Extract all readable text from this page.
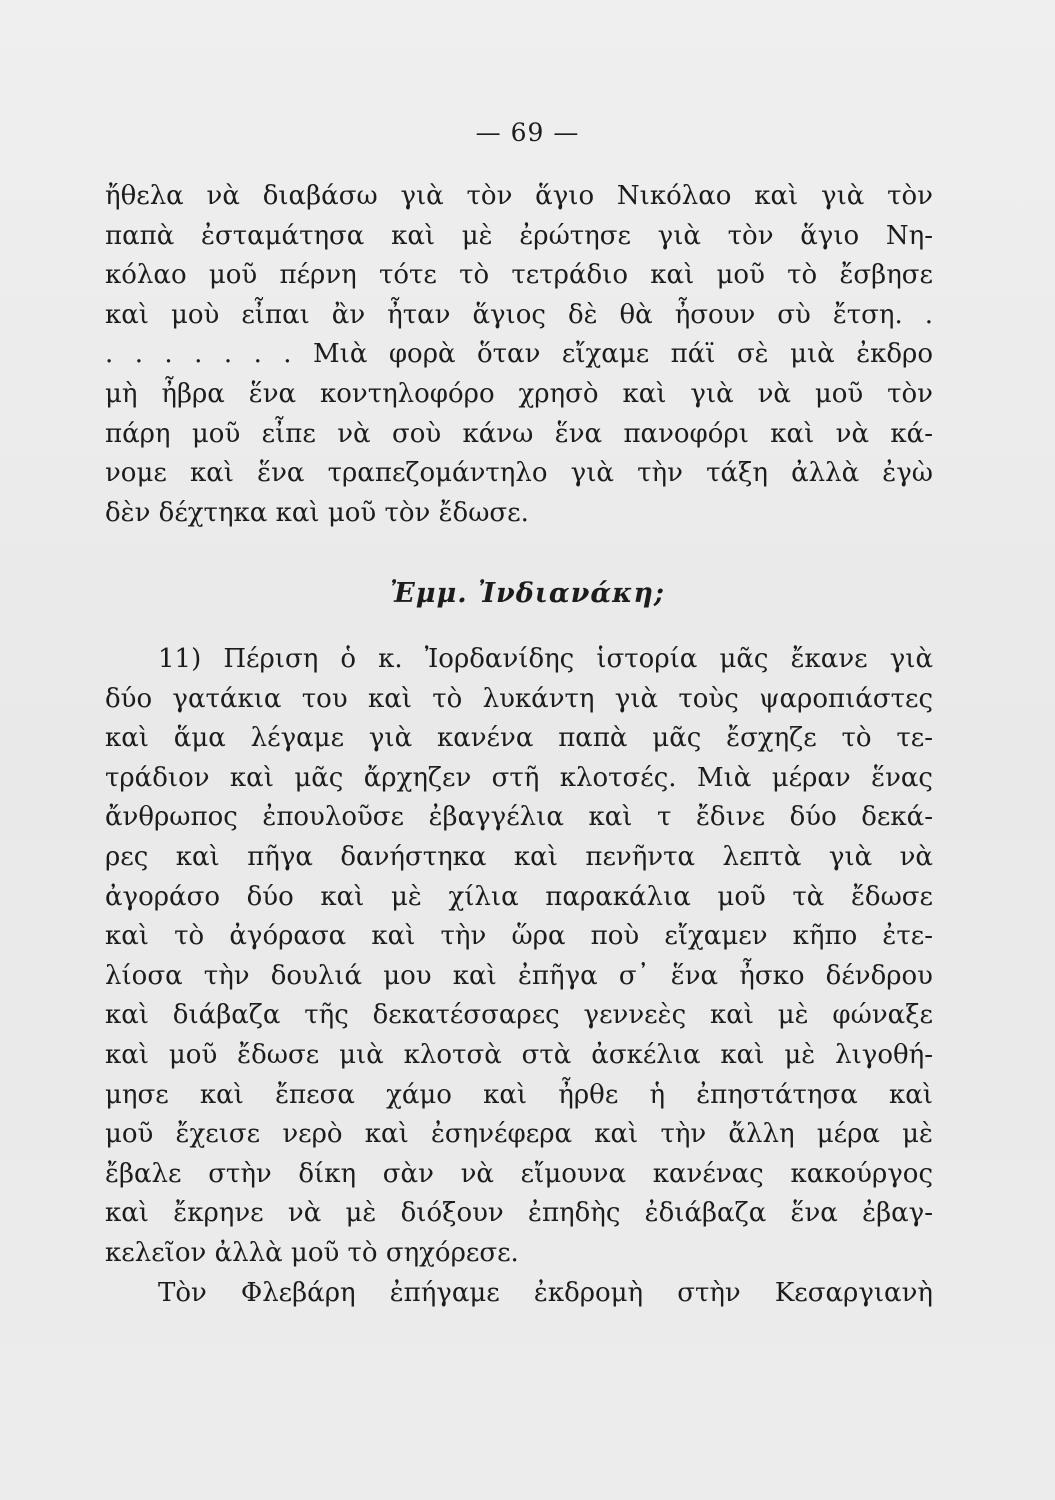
— 69 —
ἤθελα νὰ διαβάσω γιὰ τὸν ἅγιο Νικόλαο καὶ γιὰ τὸν
παπὰ ἐσταμάτησα καὶ μὲ ἐρώτησε γιὰ τὸν ἅγιο Νη-
κόλαο μοῦ πέρνη τότε τὸ τετράδιο καὶ μοῦ τὸ ἔσβησε
καὶ μοὺ εἶπαι ἂν ἦταν ἅγιος δὲ θὰ ἦσουν σὺ ἔτση. .
. . . . . . . Μιὰ φορὰ ὅταν εἴχαμε πάϊ σὲ μιὰ ἐκδρο
μὴ ἦβρα ἕνα κοντηλοφόρο χρησὸ καὶ γιὰ νὰ μοῦ τὸν
πάρη μοῦ εἶπε νὰ σοὺ κάνω ἕνα πανοφόρι καὶ νὰ κά-
νομε καὶ ἕνα τραπεζομάντηλο γιὰ τὴν τάξη ἀλλὰ ἐγὼ
δὲν δέχτηκα καὶ μοῦ τὸν ἔδωσε.
Ἐμμ. Ἰνδιανάκη;
11) Πέριση ὁ κ. Ἰορδανίδης ἱστορία μᾶς ἔκανε γιὰ
δύο γατάκια του καὶ τὸ λυκάντη γιὰ τοὺς ψαροπιάστες
καὶ ἅμα λέγαμε γιὰ κανένα παπὰ μᾶς ἔσχηζε τὸ τε-
τράδιον καὶ μᾶς ἄρχηζεν στῆ κλοτσές. Μιὰ μέραν ἕνας
ἄνθρωπος ἐπουλοῦσε ἐβαγγέλια καὶ τ ἔδινε δύο δεκά-
ρες καὶ πῆγα δανήστηκα καὶ πενῆντα λεπτὰ γιὰ νὰ
ἀγοράσο δύο καὶ μὲ χίλια παρακάλια μοῦ τὰ ἔδωσε
καὶ τὸ ἀγόρασα καὶ τὴν ὥρα ποὺ εἴχαμεν κῆπο ἐτε-
λίοσα τὴν δουλιά μου καὶ ἐπῆγα σ᾽ ἕνα ἦσκο δένδρου
καὶ διάβαζα τῆς δεκατέσσαρες γεννεὲς καὶ μὲ φώναξε
καὶ μοῦ ἔδωσε μιὰ κλοτσὰ στὰ ἀσκέλια καὶ μὲ λιγοθή-
μησε καὶ ἔπεσα χάμο καὶ ἦρθε ἡ ἐπηστάτησα καὶ
μοῦ ἔχεισε νερὸ καὶ ἐσηνέφερα καὶ τὴν ἄλλη μέρα μὲ
ἔβαλε στὴν δίκη σὰν νὰ εἴμουνα κανένας κακούργος
καὶ ἔκρηνε νὰ μὲ διόξουν ἐπηδὴς ἐδιάβαζα ἕνα ἐβαγ-
κελεῖον ἀλλὰ μοῦ τὸ σηχόρεσε.
Τὸν Φλεβάρη ἐπήγαμε ἐκδρομὴ στὴν Κεσαργιανὴ
